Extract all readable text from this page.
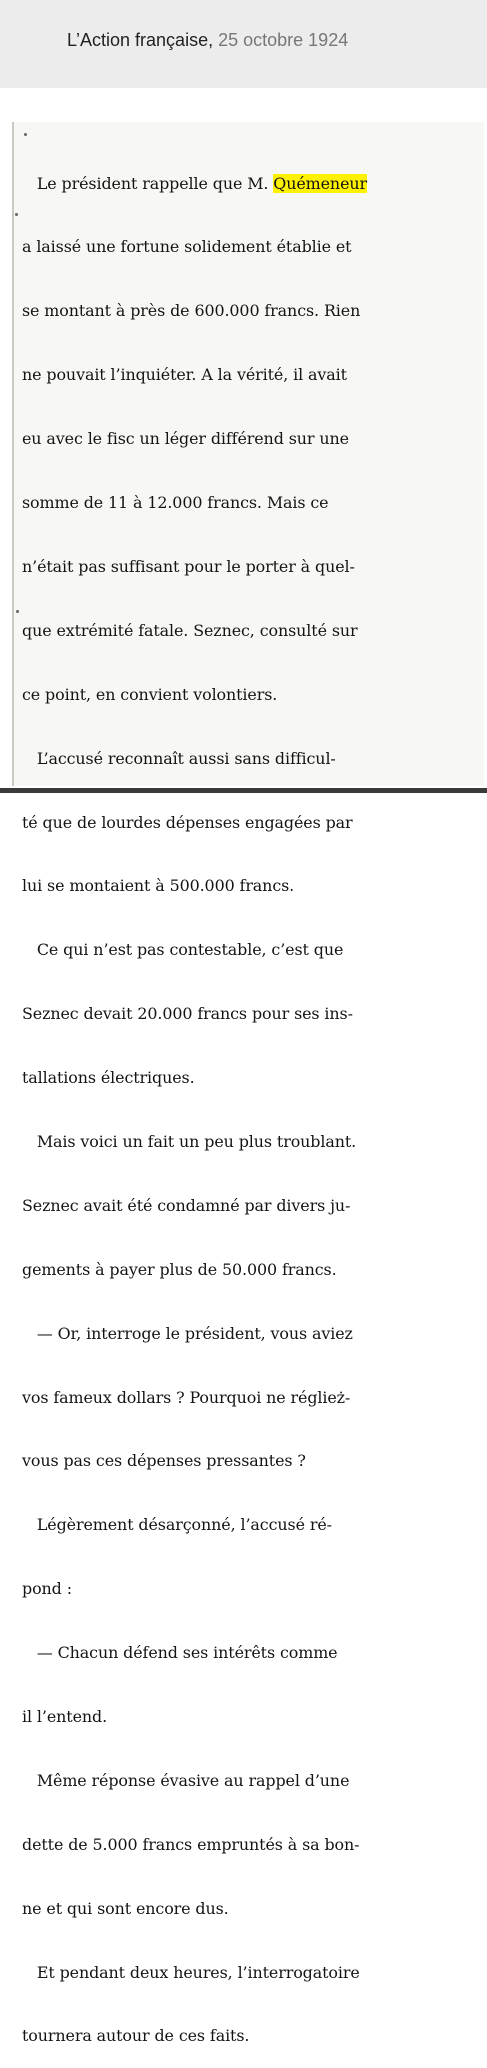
L’Action française, 25 octobre 1924

Le président rappelle que M. Quémeneur

a laissé une fortune solidement établie et

se montant à près de 600.000 francs. Rien

ne pouvait l’inquiéter. A la vérité, il avait

eu avec le fisc un léger différend sur une

somme de 11 à 12.000 francs. Mais ce

n’était pas suffisant pour le porter à quel-

que extrémité fatale. Seznec, consulté sur

ce point, en convient volontiers.

L’accusé reconnaît aussi sans difficul-

té que de lourdes dépenses engagées par

lui se montaient à 500.000 francs.

Ce qui n’est pas contestable, c’est que

Seznec devait 20.000 francs pour ses ins-

tallations électriques.

Mais voici un fait un peu plus troublant.

Seznec avait été condamné par divers ju-

gements à payer plus de 50.000 francs.

— Or, interroge le président, vous aviez

vos fameux dollars ? Pourquoi ne réglież-

vous pas ces dépenses pressantes ?

Légèrement désarçonné, l’accusé ré-

pond :

— Chacun défend ses intérêts comme

il l’entend.

Même réponse évasive au rappel d’une

dette de 5.000 francs empruntés à sa bon-

ne et qui sont encore dus.

Et pendant deux heures, l’interrogatoire

tournera autour de ces faits.
